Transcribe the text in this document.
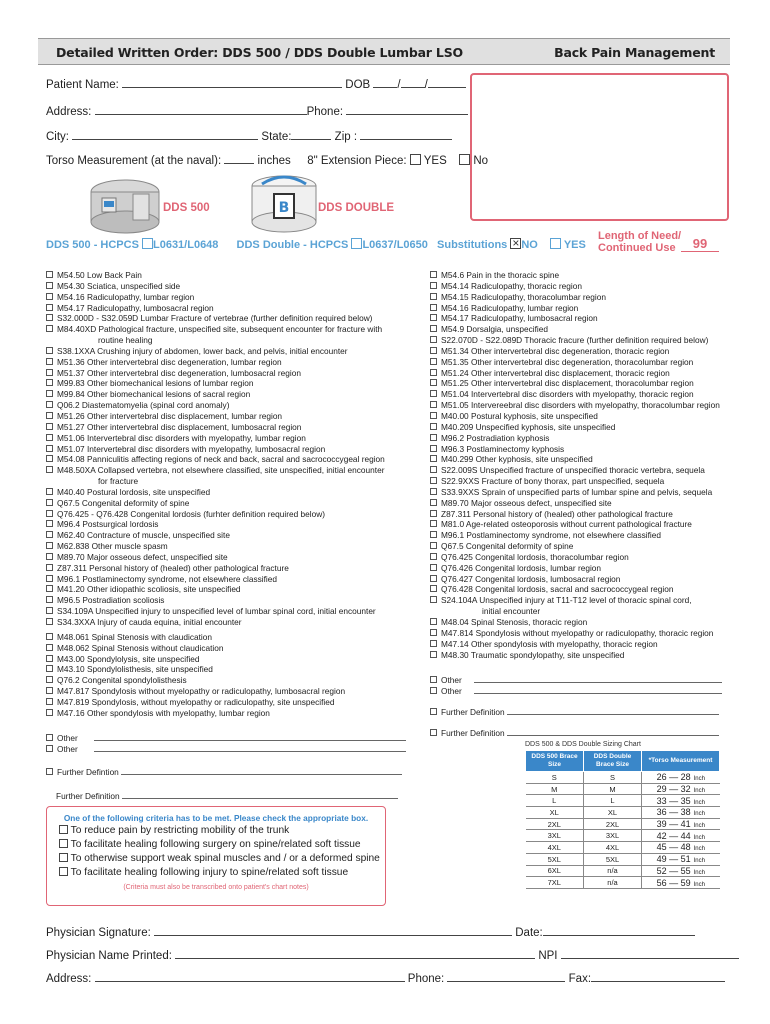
Detailed Written Order: DDS 500 / DDS Double Lumbar LSO	Back Pain Management
Patient Name:	DOB / /
Address:	Phone:
City:	State:	Zip :
Torso Measurement (at the naval):	inches 8" Extension Piece: YES No
DDS 500	B DDS DOUBLE
DDS 500 - HCPCS L0631/L0648 DDS Double - HCPCS L0637/L0650 Substitutions × NO YES
Length of Need/
Continued Use	99
M54.50 Low Back Pain
M54.30 Sciatica, unspecified side
M54.16 Radiculopathy, lumbar region
M54.17 Radiculopathy, lumbosacral region
S32.000D - S32.059D Lumbar Fracture of vertebrae (further definition required below)
M84.40XD Pathological fracture, unspecified site, subsequent encounter for fracture with
routine healing
S38.1XXA Crushing injury of abdomen, lower back, and pelvis, initial encounter
M51.36 Other intervertebral disc degeneration, lumbar region
M51.37 Other intervertebral disc degeneration, lumbosacral region
M99.83 Other biomechanical lesions of lumbar region
M99.84 Other biomechanical lesions of sacral region
Q06.2 Diastematomyelia (spinal cord anomaly)
M51.26 Other intervertebral disc displacement, lumbar region
M51.27 Other intervertebral disc displacement, lumbosacral region
M51.06 Intervertebral disc disorders with myelopathy, lumbar region
M51.07 Intervertebral disc disorders with myelopathy, lumbosacral region
M54.08 Panniculitis affecting regions of neck and back, sacral and sacrococcygeal region
M48.50XA Collapsed vertebra, not elsewhere classified, site unspecified, initial encounter
for fracture
M40.40 Postural lordosis, site unspecified
Q67.5 Congenital deformity of spine
Q76.425 - Q76.428 Congenital lordosis (furhter definition required below)
M96.4 Postsurgical lordosis
M62.40 Contracture of muscle, unspecified site
M62.838 Other muscle spasm
M89.70 Major osseous defect, unspecified site
Z87.311 Personal history of (healed) other pathological fracture
M96.1 Postlaminectomy syndrome, not elsewhere classified
M41.20 Other idiopathic scoliosis, site unspecified
M96.5 Postradiation scoliosis
S34.109A Unspecified injury to unspecified level of lumbar spinal cord, initial encounter
S34.3XXA Injury of cauda equina, initial encounter
M48.061 Spinal Stenosis with claudication
M48.062 Spinal Stenosis without claudication
M43.00 Spondylolysis, site unspecified
M43.10 Spondylolisthesis, site unspecified
Q76.2 Congenital spondylolisthesis
M47.817 Spondylosis without myelopathy or radiculopathy, lumbosacral region
M47.819 Spondylosis, without myelopathy or radiculopathy, site unspecified
M47.16 Other spondylosis with myelopathy, lumbar region
M54.6 Pain in the thoracic spine
M54.14 Radiculopathy, thoracic region
M54.15 Radiculopathy, thoracolumbar region
M54.16 Radiculopathy, lumbar region
M54.17 Radiculopathy, lumbosacral region
M54.9 Dorsalgia, unspecified
S22.070D - S22.089D Thoracic fracure (further definition required below)
M51.34 Other intervertebral disc degeneration, thoracic region
M51.35 Other intervertebral disc degeneration, thoracolumbar region
M51.24 Other intervertebral disc displacement, thoracic region
M51.25 Other intervertebral disc displacement, thoracolumbar region
M51.04 Intervertebral disc disorders with myelopathy, thoracic region
M51.05 Intervereebral disc disorders with myelopathy, thoracolumbar region
M40.00 Postural kyphosis, site unspecified
M40.209 Unspecified kyphosis, site unspecified
M96.2 Postradiation kyphosis
M96.3 Postlaminectomy kyphosis
M40.299 Other kyphosis, site unspecified
S22.009S Unspecified fracture of unspecified thoracic vertebra, sequela
S22.9XXS Fracture of bony thorax, part unspecified, sequela
S33.9XXS Sprain of unspecified parts of lumbar spine and pelvis, sequela
M89.70 Major osseous defect, unspecified site
Z87.311 Personal history of (healed) other pathological fracture
M81.0 Age-related osteoporosis without current pathological fracture
M96.1 Postlaminectomy syndrome, not elsewhere classified
Q67.5 Congenital deformity of spine
Q76.425 Congenital lordosis, thoracolumbar region
Q76.426 Congenital lordosis, lumbar region
Q76.427 Congenital lordosis, lumbosacral region
Q76.428 Congenital lordosis, sacral and sacrococcygeal region
S24.104A Unspecified injury at T11-T12 level of thoracic spinal cord,
initial encounter
M48.04 Spinal Stenosis, thoracic region
M47.814 Spondylosis without myelopathy or radiculopathy, thoracic region
M47.14 Other spondylosis with myelopathy, thoracic region
M48.30 Traumatic spondylopathy, site unspecified
Other
Other
Further Definition
Further Definition
Other
Other
Further Defintion
Further Definition
One of the following criteria has to be met. Please check the appropriate box.
To reduce pain by restricting mobility of the trunk
To facilitate healing following surgery on spine/related soft tissue
To otherwise support weak spinal muscles and / or a deformed spine
To facilitate healing following injury to spine/related soft tissue
(Criteria must also be transcribed onto patient's chart notes)
DDS 500 & DDS Double Sizing Chart
DDS 500 Brace Size	DDS Double Brace Size	*Torso Measurement
S	S	26 — 28 Inch
M	M	29 — 32 Inch
L	L	33 — 35 Inch
XL	XL	36 — 38 Inch
2XL	2XL	39 — 41 Inch
3XL	3XL	42 — 44 Inch
4XL	4XL	45 — 48 Inch
5XL	5XL	49 — 51 Inch
6XL	n/a	52 — 55 Inch
7XL	n/a	56 — 59 Inch
Physician Signature:	Date:
Physician Name Printed:	NPI
Address:	Phone:	Fax:
